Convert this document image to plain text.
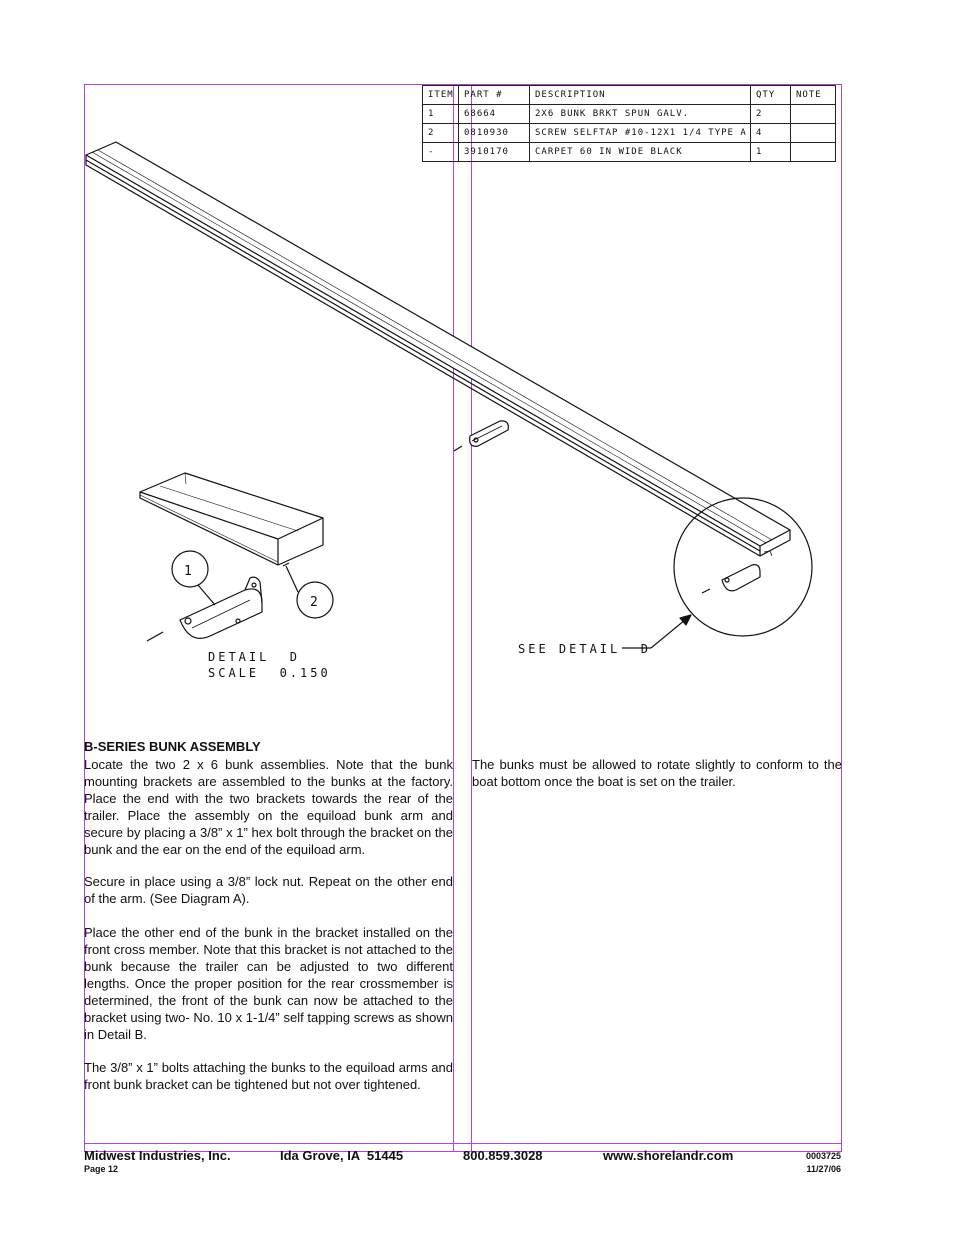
1
2
DETAIL  D
SCALE  0.150
SEE DETAIL  D
ITEM	PART #	DESCRIPTION	QTY	NOTE
1	68664	2X6 BUNK BRKT SPUN GALV.	2	
2	0810930	SCREW SELFTAP #10-12X1 1/4 TYPE A	4	
-	3910170	CARPET 60 IN WIDE BLACK	1	
B-SERIES BUNK ASSEMBLY
Locate the two 2 x 6 bunk assemblies. Note that the bunk mounting brackets are assembled to the bunks at the factory. Place the end with the two brackets towards the rear of the trailer. Place the assembly on the equiload bunk arm and secure by placing a 3/8” x 1” hex bolt through the bracket on the bunk and the ear on the end of the equiload arm.
Secure in place using a 3/8” lock nut. Repeat on the other end of the arm. (See Diagram A).
Place the other end of the bunk in the bracket installed on the front cross member. Note that this bracket is not attached to the bunk because the trailer can be adjusted to two different lengths. Once the proper position for the rear crossmember is determined, the front of the bunk can now be attached to the bracket using two- No. 10 x 1-1/4” self tapping screws as shown in Detail B.
The 3/8” x 1” bolts attaching the bunks to the equiload arms and front bunk bracket can be tightened but not over tightened.
The bunks must be allowed to rotate slightly to conform to the boat bottom once the boat is set on the trailer.
Midwest Industries, Inc.	Ida Grove, IA  51445	800.859.3028	www.shorelandr.com
Page 12
0003725
11/27/06
